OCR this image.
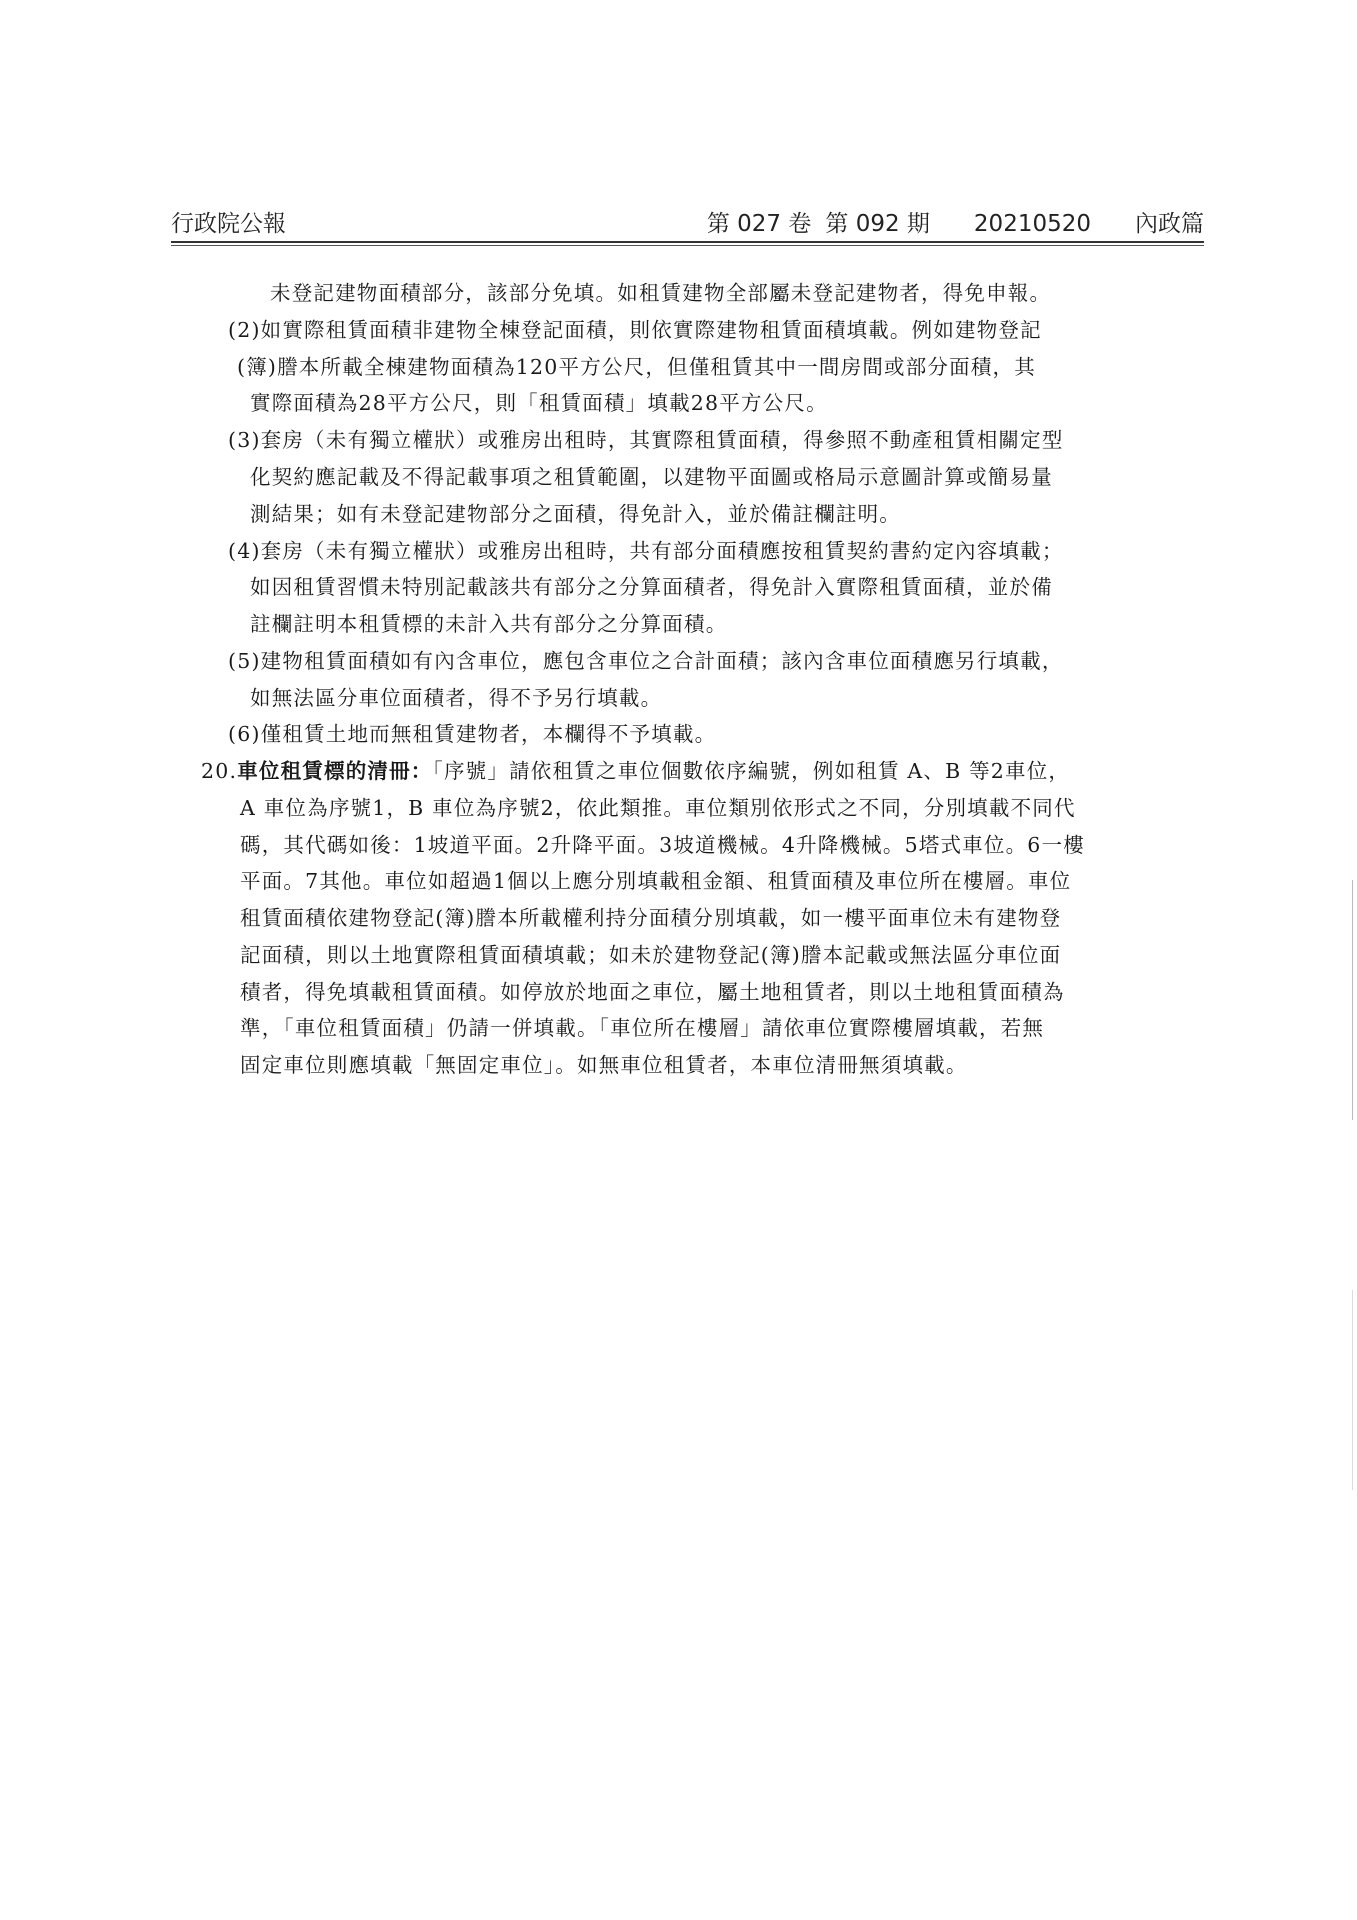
行政院公報	第 027 卷 第 092 期 20210520 內政篇
未登記建物面積部分，該部分免填。如租賃建物全部屬未登記建物者，得免申報。
(2)如實際租賃面積非建物全棟登記面積，則依實際建物租賃面積填載。例如建物登記
(簿)謄本所載全棟建物面積為120平方公尺，但僅租賃其中一間房間或部分面積，其
實際面積為28平方公尺，則「租賃面積」填載28平方公尺。
(3)套房（未有獨立權狀）或雅房出租時，其實際租賃面積，得參照不動產租賃相關定型
化契約應記載及不得記載事項之租賃範圍，以建物平面圖或格局示意圖計算或簡易量
測結果；如有未登記建物部分之面積，得免計入，並於備註欄註明。
(4)套房（未有獨立權狀）或雅房出租時，共有部分面積應按租賃契約書約定內容填載；
如因租賃習慣未特別記載該共有部分之分算面積者，得免計入實際租賃面積，並於備
註欄註明本租賃標的未計入共有部分之分算面積。
(5)建物租賃面積如有內含車位，應包含車位之合計面積；該內含車位面積應另行填載，
如無法區分車位面積者，得不予另行填載。
(6)僅租賃土地而無租賃建物者，本欄得不予填載。
20.車位租賃標的清冊：「序號」請依租賃之車位個數依序編號，例如租賃 A、B 等2車位，
A 車位為序號1，B 車位為序號2，依此類推。車位類別依形式之不同，分別填載不同代
碼，其代碼如後：1坡道平面。2升降平面。3坡道機械。4升降機械。5塔式車位。6一樓
平面。7其他。車位如超過1個以上應分別填載租金額、租賃面積及車位所在樓層。車位
租賃面積依建物登記(簿)謄本所載權利持分面積分別填載，如一樓平面車位未有建物登
記面積，則以土地實際租賃面積填載；如未於建物登記(簿)謄本記載或無法區分車位面
積者，得免填載租賃面積。如停放於地面之車位，屬土地租賃者，則以土地租賃面積為
準，「車位租賃面積」仍請一併填載。「車位所在樓層」請依車位實際樓層填載，若無
固定車位則應填載「無固定車位」。如無車位租賃者，本車位清冊無須填載。
